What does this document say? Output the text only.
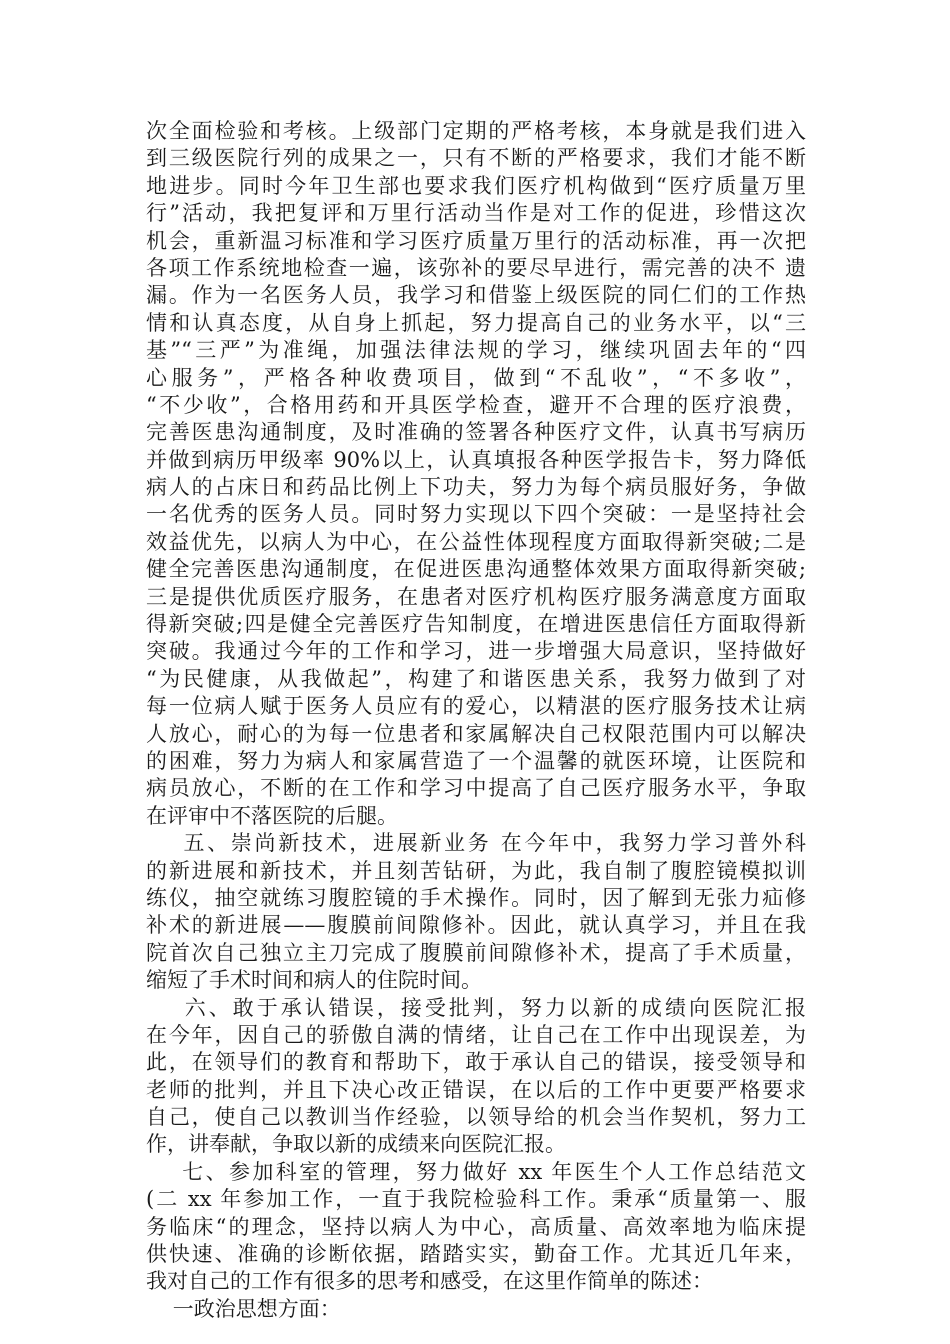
次全面检验和考核。上级部门定期的严格考核，本身就是我们进入
到三级医院行列的成果之一，只有不断的严格要求，我们才能不断
地进步。同时今年卫生部也要求我们医疗机构做到“医疗质量万里
行”活动，我把复评和万里行活动当作是对工作的促进，珍惜这次
机会，重新温习标准和学习医疗质量万里行的活动标准，再一次把
各项工作系统地检查一遍，该弥补的要尽早进行，需完善的决不 遗
漏。作为一名医务人员，我学习和借鉴上级医院的同仁们的工作热
情和认真态度，从自身上抓起，努力提高自己的业务水平，以“三
基”“三严”为准绳，加强法律法规的学习，继续巩固去年的“四
心服务”，严格各种收费项目，做到“不乱收”，“不多收”，
“不少收”，合格用药和开具医学检查，避开不合理的医疗浪费，
完善医患沟通制度，及时准确的签署各种医疗文件，认真书写病历
并做到病历甲级率 90%以上，认真填报各种医学报告卡，努力降低
病人的占床日和药品比例上下功夫，努力为每个病员服好务，争做
一名优秀的医务人员。同时努力实现以下四个突破：一是坚持社会
效益优先，以病人为中心，在公益性体现程度方面取得新突破;二是
健全完善医患沟通制度，在促进医患沟通整体效果方面取得新突破;
三是提供优质医疗服务，在患者对医疗机构医疗服务满意度方面取
得新突破;四是健全完善医疗告知制度，在增进医患信任方面取得新
突破。我通过今年的工作和学习，进一步增强大局意识，坚持做好
“为民健康，从我做起”，构建了和谐医患关系，我努力做到了对
每一位病人赋于医务人员应有的爱心，以精湛的医疗服务技术让病
人放心，耐心的为每一位患者和家属解决自己权限范围内可以解决
的困难，努力为病人和家属营造了一个温馨的就医环境，让医院和
病员放心，不断的在工作和学习中提高了自己医疗服务水平，争取
在评审中不落医院的后腿。
五、崇尚新技术，进展新业务 在今年中，我努力学习普外科
的新进展和新技术，并且刻苦钻研，为此，我自制了腹腔镜模拟训
练仪，抽空就练习腹腔镜的手术操作。同时，因了解到无张力疝修
补术的新进展——腹膜前间隙修补。因此，就认真学习，并且在我
院首次自己独立主刀完成了腹膜前间隙修补术，提高了手术质量，
缩短了手术时间和病人的住院时间。
六、敢于承认错误，接受批判，努力以新的成绩向医院汇报
在今年，因自己的骄傲自满的情绪，让自己在工作中出现误差，为
此，在领导们的教育和帮助下，敢于承认自己的错误，接受领导和
老师的批判，并且下决心改正错误，在以后的工作中更要严格要求
自己，使自己以教训当作经验，以领导给的机会当作契机，努力工
作，讲奉献，争取以新的成绩来向医院汇报。
七、参加科室的管理，努力做好 xx 年医生个人工作总结范文
(二 xx 年参加工作，一直于我院检验科工作。秉承“质量第一、服
务临床“的理念，坚持以病人为中心，高质量、高效率地为临床提
供快速、准确的诊断依据，踏踏实实，勤奋工作。尤其近几年来，
我对自己的工作有很多的思考和感受，在这里作简单的陈述：
一政治思想方面：
